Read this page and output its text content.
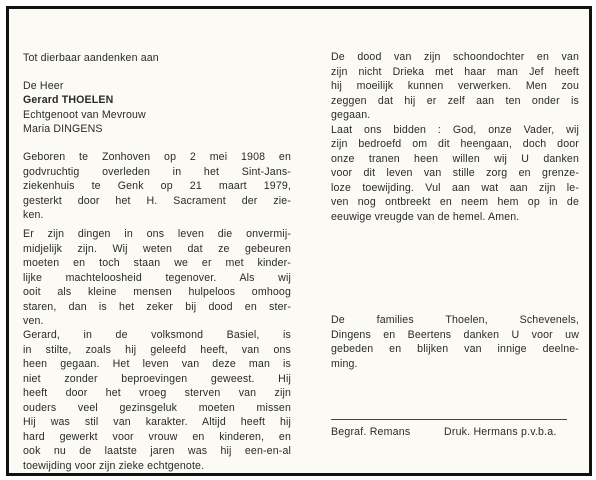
Tot dierbaar aandenken aan
De Heer
Gerard THOELEN
Echtgenoot van Mevrouw
Maria DINGENS
Geboren te Zonhoven op 2 mei 1908 en
godvruchtig overleden in het Sint-Jans-
ziekenhuis te Genk op 21 maart 1979,
gesterkt door het H. Sacrament der zie-
ken.
Er zijn dingen in ons leven die onvermij-
midjelijk zijn. Wij weten dat ze gebeuren
moeten en toch staan we er met kinder-
lijke machteloosheid tegenover. Als wij
ooit als kleine mensen hulpeloos omhoog
staren, dan is het zeker bij dood en ster-
ven.
Gerard, in de volksmond Basiel, is
in stilte, zoals hij geleefd heeft, van ons
heen gegaan. Het leven van deze man is
niet zonder beproevingen geweest. Hij
heeft door het vroeg sterven van zijn
ouders veel gezinsgeluk moeten missen
Hij was stil van karakter. Altijd heeft hij
hard gewerkt voor vrouw en kinderen, en
ook nu de laatste jaren was hij een-en-al
toewijding voor zijn zieke echtgenote.
De dood van zijn schoondochter en van
zijn nicht Drieka met haar man Jef heeft
hij moeilijk kunnen verwerken. Men zou
zeggen dat hij er zelf aan ten onder is
gegaan.
Laat ons bidden : God, onze Vader, wij
zijn bedroefd om dit heengaan, doch door
onze tranen heen willen wij U danken
voor dit leven van stille zorg en grenze-
loze toewijding. Vul aan wat aan zijn le-
ven nog ontbreekt en neem hem op in de
eeuwige vreugde van de hemel. Amen.
De families Thoelen, Schevenels,
Dingens en Beertens danken U voor uw
gebeden en blijken van innige deelne-
ming.
Begraf. Remans	Druk. Hermans p.v.b.a.
